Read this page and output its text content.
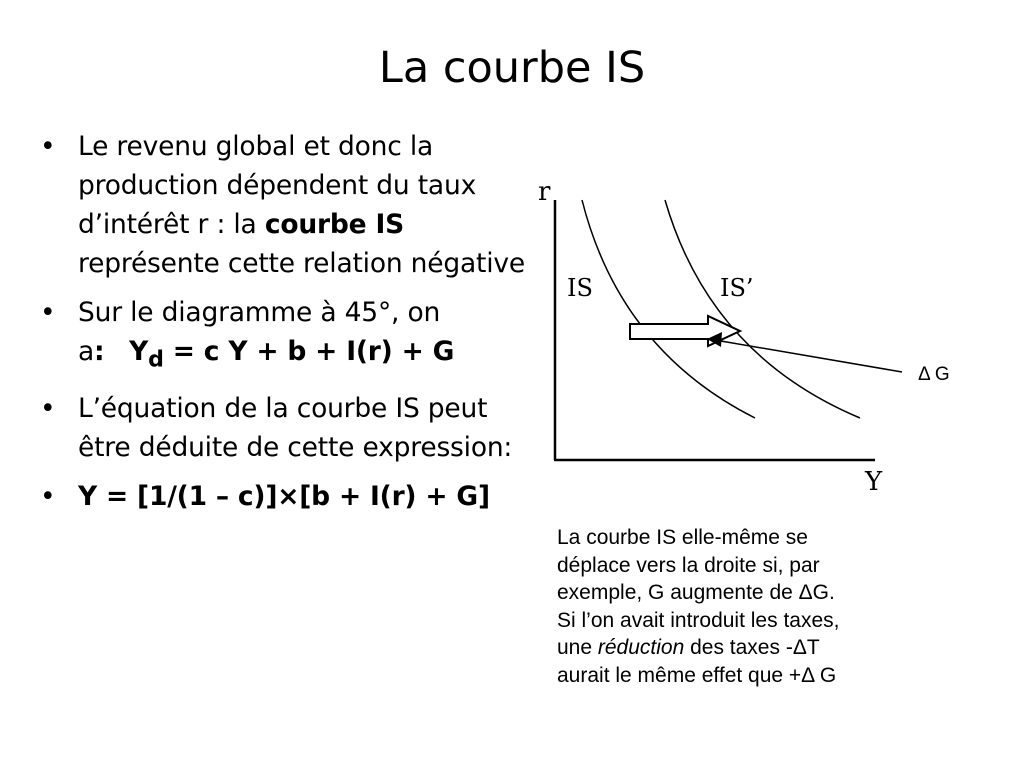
La courbe IS
• Le revenu global et donc la production dépendent du taux d’intérêt r : la courbe IS représente cette relation négative
• Sur le diagramme à 45°, on a: $Y_d = c$ Y + b + I(r) + G
• L’équation de la courbe IS peut être déduite de cette expression:
• Y = [1/(1 – c)]×[b + I(r) + G]
r
Y
IS	IS’
Δ G

La courbe IS elle-même se

déplace vers la droite si, par

exemple, G augmente de ΔG.

Si l’on avait introduit les taxes,

une réduction des taxes -ΔT

aurait le même effet que +Δ G
